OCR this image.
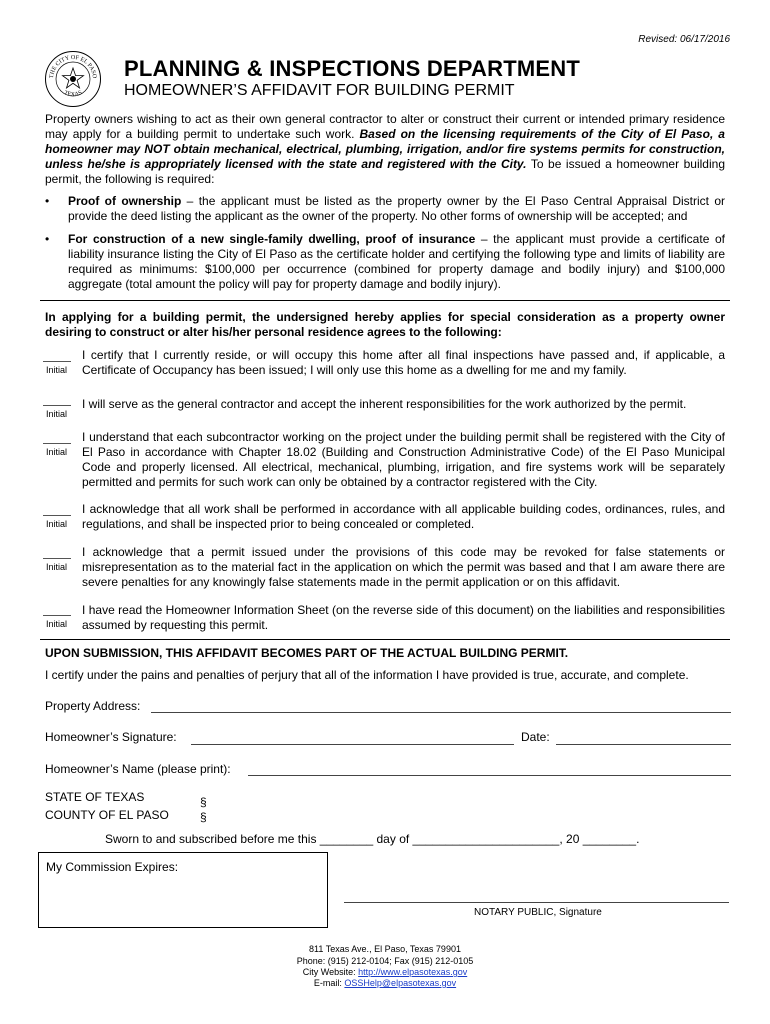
Revised: 06/17/2016
THE CITY OF EL PASO
TEXAS
PLANNING & INSPECTIONS DEPARTMENT
HOMEOWNER’S AFFIDAVIT FOR BUILDING PERMIT
Property owners wishing to act as their own general contractor to alter or construct their current or intended primary residence may apply for a building permit to undertake such work. Based on the licensing requirements of the City of El Paso, a homeowner may NOT obtain mechanical, electrical, plumbing, irrigation, and/or fire systems permits for construction, unless he/she is appropriately licensed with the state and registered with the City. To be issued a homeowner building permit, the following is required:
• Proof of ownership – the applicant must be listed as the property owner by the El Paso Central Appraisal District or provide the deed listing the applicant as the owner of the property. No other forms of ownership will be accepted; and
• For construction of a new single-family dwelling, proof of insurance – the applicant must provide a certificate of liability insurance listing the City of El Paso as the certificate holder and certifying the following type and limits of liability are required as minimums: $100,000 per occurrence (combined for property damage and bodily injury) and $100,000 aggregate (total amount the policy will pay for property damage and bodily injury).
In applying for a building permit, the undersigned hereby applies for special consideration as a property owner desiring to construct or alter his/her personal residence agrees to the following:
Initial
I certify that I currently reside, or will occupy this home after all final inspections have passed and, if applicable, a Certificate of Occupancy has been issued; I will only use this home as a dwelling for me and my family.
Initial
I will serve as the general contractor and accept the inherent responsibilities for the work authorized by the permit.
Initial
I understand that each subcontractor working on the project under the building permit shall be registered with the City of El Paso in accordance with Chapter 18.02 (Building and Construction Administrative Code) of the El Paso Municipal Code and properly licensed. All electrical, mechanical, plumbing, irrigation, and fire systems work will be separately permitted and permits for such work can only be obtained by a contractor registered with the City.
Initial
I acknowledge that all work shall be performed in accordance with all applicable building codes, ordinances, rules, and regulations, and shall be inspected prior to being concealed or completed.
Initial
I acknowledge that a permit issued under the provisions of this code may be revoked for false statements or misrepresentation as to the material fact in the application on which the permit was based and that I am aware there are severe penalties for any knowingly false statements made in the permit application or on this affidavit.
Initial
I have read the Homeowner Information Sheet (on the reverse side of this document) on the liabilities and responsibilities assumed by requesting this permit.
UPON SUBMISSION, THIS AFFIDAVIT BECOMES PART OF THE ACTUAL BUILDING PERMIT.
I certify under the pains and penalties of perjury that all of the information I have provided is true, accurate, and complete.
Property Address:
Homeowner’s Signature:	Date:
Homeowner’s Name (please print):
STATE OF TEXAS	§
COUNTY OF EL PASO	§
Sworn to and subscribed before me this ________ day of ______________________, 20 ________.
My Commission Expires:
NOTARY PUBLIC, Signature
811 Texas Ave., El Paso, Texas 79901
Phone: (915) 212-0104; Fax (915) 212-0105
City Website: http://www.elpasotexas.gov
E-mail: OSSHelp@elpasotexas.gov
